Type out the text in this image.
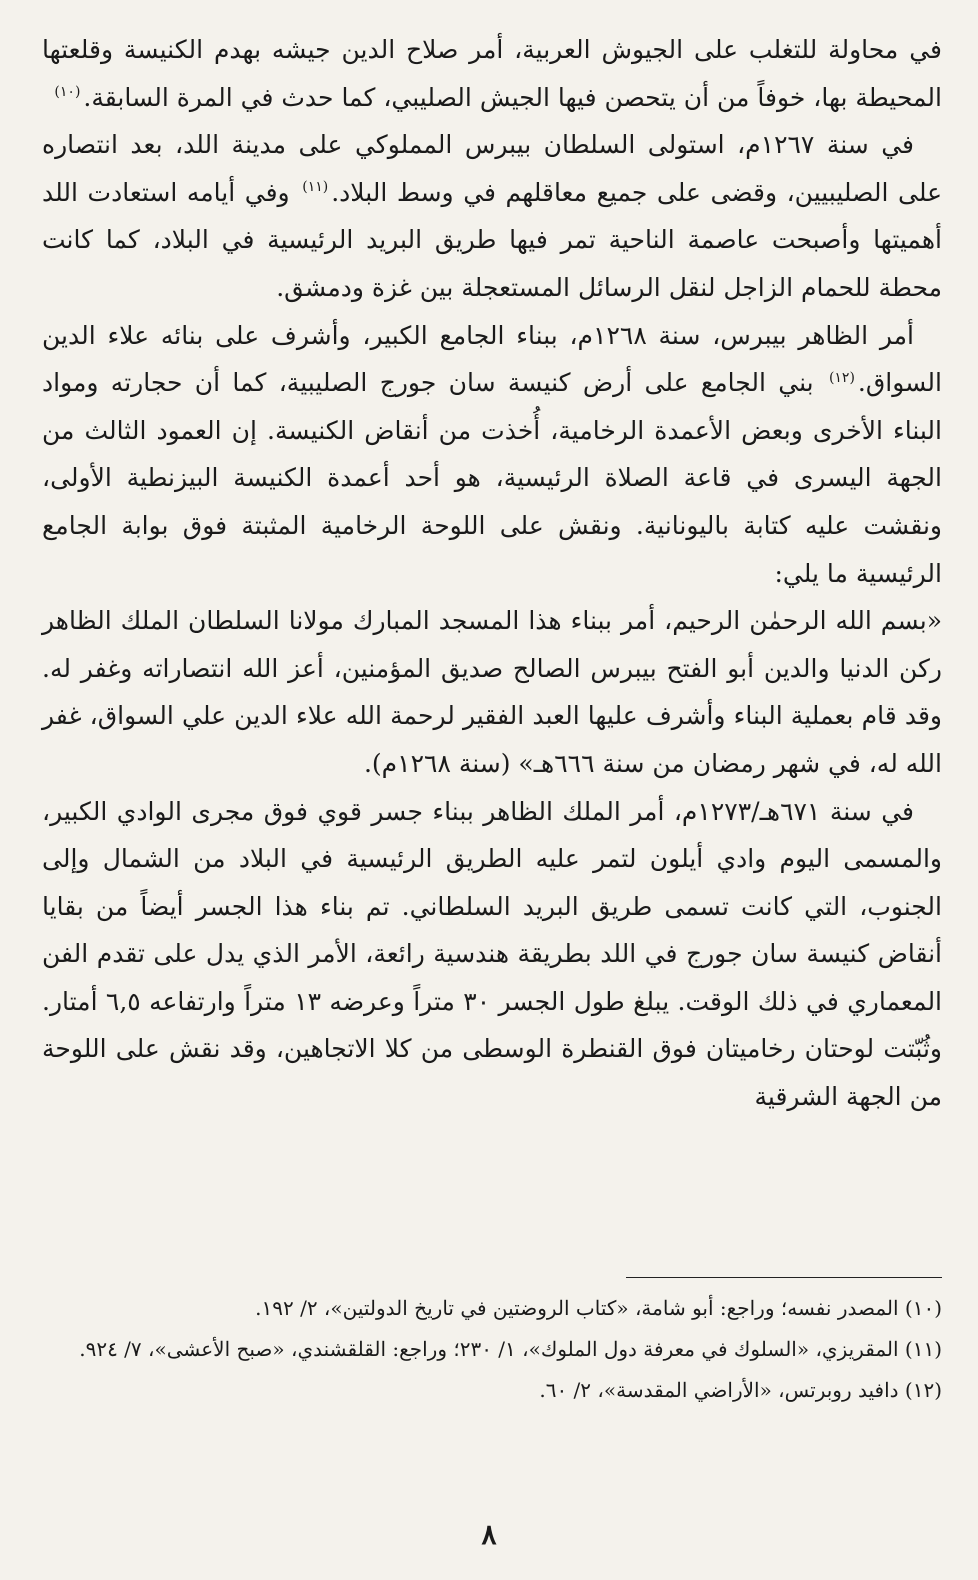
في محاولة للتغلب على الجيوش العربية، أمر صلاح الدين جيشه بهدم الكنيسة وقلعتها المحيطة بها، خوفاً من أن يتحصن فيها الجيش الصليبي، كما حدث في المرة السابقة.$^{(١٠)}$

في سنة ١٢٦٧م، استولى السلطان بيبرس المملوكي على مدينة اللد، بعد انتصاره على الصليبيين، وقضى على جميع معاقلهم في وسط البلاد.$^{(١١)}$ وفي أيامه استعادت اللد أهميتها وأصبحت عاصمة الناحية تمر فيها طريق البريد الرئيسية في البلاد، كما كانت محطة للحمام الزاجل لنقل الرسائل المستعجلة بين غزة ودمشق.

أمر الظاهر بيبرس، سنة ١٢٦٨م، ببناء الجامع الكبير، وأشرف على بنائه علاء الدين السواق.$^{(١٢)}$ بني الجامع على أرض كنيسة سان جورج الصليبية، كما أن حجارته ومواد البناء الأخرى وبعض الأعمدة الرخامية، أُخذت من أنقاض الكنيسة. إن العمود الثالث من الجهة اليسرى في قاعة الصلاة الرئيسية، هو أحد أعمدة الكنيسة البيزنطية الأولى، ونقشت عليه كتابة باليونانية. ونقش على اللوحة الرخامية المثبتة فوق بوابة الجامع الرئيسية ما يلي:

«بسم الله الرحمٰن الرحيم، أمر ببناء هذا المسجد المبارك مولانا السلطان الملك الظاهر ركن الدنيا والدين أبو الفتح بيبرس الصالح صديق المؤمنين، أعز الله انتصاراته وغفر له. وقد قام بعملية البناء وأشرف عليها العبد الفقير لرحمة الله علاء الدين علي السواق، غفر الله له، في شهر رمضان من سنة ٦٦٦هـ» (سنة ١٢٦٨م).

في سنة ٦٧١هـ/١٢٧٣م، أمر الملك الظاهر ببناء جسر قوي فوق مجرى الوادي الكبير، والمسمى اليوم وادي أيلون لتمر عليه الطريق الرئيسية في البلاد من الشمال وإلى الجنوب، التي كانت تسمى طريق البريد السلطاني. تم بناء هذا الجسر أيضاً من بقايا أنقاض كنيسة سان جورج في اللد بطريقة هندسية رائعة، الأمر الذي يدل على تقدم الفن المعماري في ذلك الوقت. يبلغ طول الجسر ٣٠ متراً وعرضه ١٣ متراً وارتفاعه ٦,٥ أمتار. وثُبّتت لوحتان رخاميتان فوق القنطرة الوسطى من كلا الاتجاهين، وقد نقش على اللوحة من الجهة الشرقية

(١٠) المصدر نفسه؛ وراجع: أبو شامة، «كتاب الروضتين في تاريخ الدولتين»، ٢/ ١٩٢.

(١١) المقريزي، «السلوك في معرفة دول الملوك»، ١/ ٢٣٠؛ وراجع: القلقشندي، «صبح الأعشى»، ٧/ ٩٢٤.

(١٢) دافيد روبرتس، «الأراضي المقدسة»، ٢/ ٦٠.

٨
